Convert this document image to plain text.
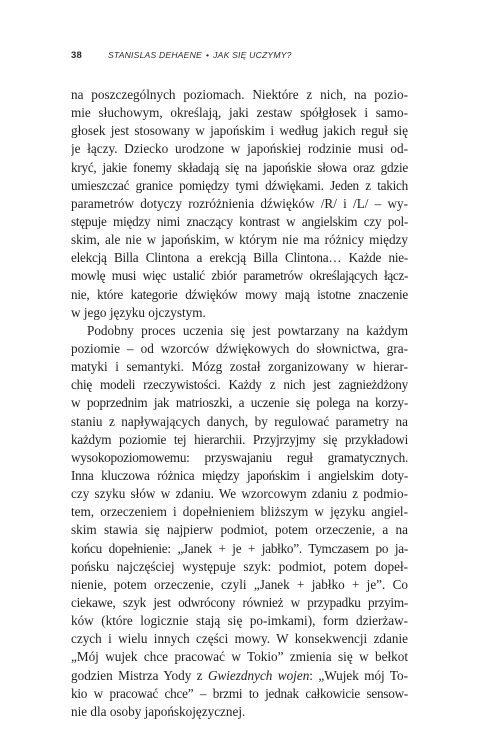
38	STANISLAS DEHAENE • JAK SIĘ UCZYMY?
na poszczególnych poziomach. Niektóre z nich, na pozio-
mie słuchowym, określają, jaki zestaw spółgłosek i samo-
głosek jest stosowany w japońskim i według jakich reguł się
je łączy. Dziecko urodzone w japońskiej rodzinie musi od-
kryć, jakie fonemy składają się na japońskie słowa oraz gdzie
umieszczać granice pomiędzy tymi dźwiękami. Jeden z takich
parametrów dotyczy rozróżnienia dźwięków /R/ i /L/ – wy-
stępuje między nimi znaczący kontrast w angielskim czy pol-
skim, ale nie w japońskim, w którym nie ma różnicy między
elekcją Billa Clintona a erekcją Billa Clintona… Każde nie-
mowlę musi więc ustalić zbiór parametrów określających łącz-
nie, które kategorie dźwięków mowy mają istotne znaczenie
w jego języku ojczystym.
Podobny proces uczenia się jest powtarzany na każdym
poziomie – od wzorców dźwiękowych do słownictwa, gra-
matyki i semantyki. Mózg został zorganizowany w hierar-
chię modeli rzeczywistości. Każdy z nich jest zagnieżdżony
w poprzednim jak matrioszki, a uczenie się polega na korzy-
staniu z napływających danych, by regulować parametry na
każdym poziomie tej hierarchii. Przyjrzyjmy się przykładowi
wysokopoziomowemu: przyswajaniu reguł gramatycznych.
Inna kluczowa różnica między japońskim i angielskim doty-
czy szyku słów w zdaniu. We wzorcowym zdaniu z podmio-
tem, orzeczeniem i dopełnieniem bliższym w języku angiel-
skim stawia się najpierw podmiot, potem orzeczenie, a na
końcu dopełnienie: „Janek + je + jabłko”. Tymczasem po ja-
pońsku najczęściej występuje szyk: podmiot, potem dopeł-
nienie, potem orzeczenie, czyli „Janek + jabłko + je”. Co
ciekawe, szyk jest odwrócony również w przypadku przyim-
ków (które logicznie stają się po-imkami), form dzierżaw-
czych i wielu innych części mowy. W konsekwencji zdanie
„Mój wujek chce pracować w Tokio” zmienia się w bełkot
godzien Mistrza Yody z Gwiezdnych wojen: „Wujek mój To-
kio w pracować chce” – brzmi to jednak całkowicie sensow-
nie dla osoby japońskojęzycznej.
